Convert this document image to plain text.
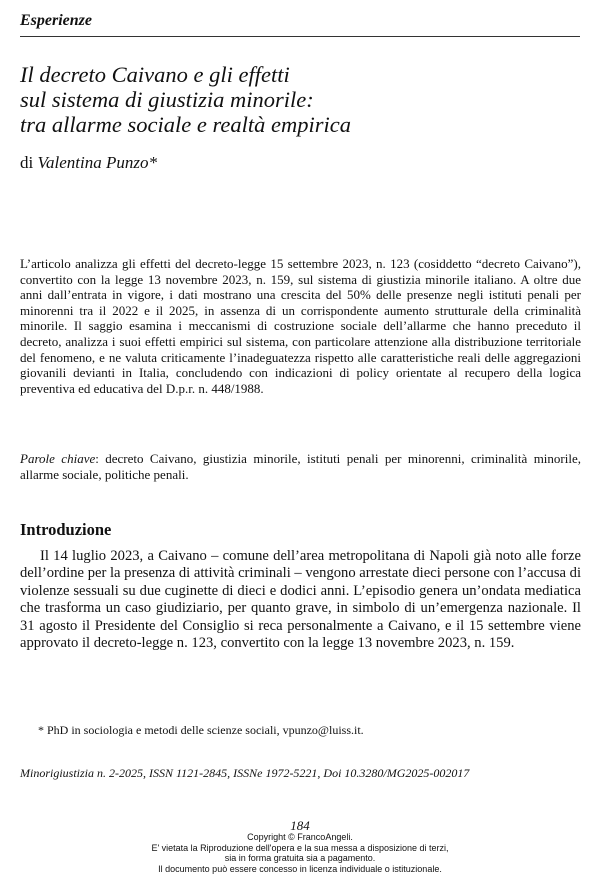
Esperienze
Il decreto Caivano e gli effetti
sul sistema di giustizia minorile:
tra allarme sociale e realtà empirica
di Valentina Punzo*

L’articolo analizza gli effetti del decreto-legge 15 settembre 2023, n. 123 (cosiddetto “decreto Caivano”), convertito con la legge 13 novembre 2023, n. 159, sul sistema di giustizia minorile italiano. A oltre due anni dall’entrata in vigore, i dati mostrano una crescita del 50% delle presenze negli istituti penali per minorenni tra il 2022 e il 2025, in assenza di un corrispondente aumento strutturale della criminalità minorile. Il saggio esamina i meccanismi di costruzione sociale dell’allarme che hanno preceduto il decreto, analizza i suoi effetti empirici sul sistema, con particolare attenzione alla distribuzione territoriale del fenomeno, e ne valuta criticamente l’inadeguatezza rispetto alle caratteristiche reali delle aggregazioni giovanili devianti in Italia, concludendo con indicazioni di policy orientate al recupero della logica preventiva ed educativa del D.p.r. n. 448/1988.

Parole chiave: decreto Caivano, giustizia minorile, istituti penali per minorenni, criminalità minorile, allarme sociale, politiche penali.

Introduzione

Il 14 luglio 2023, a Caivano – comune dell’area metropolitana di Napoli già noto alle forze dell’ordine per la presenza di attività criminali – vengono arrestate dieci persone con l’accusa di violenze sessuali su due cuginette di dieci e dodici anni. L’episodio genera un’ondata mediatica che trasforma un caso giudiziario, per quanto grave, in simbolo di un’emergenza nazionale. Il 31 agosto il Presidente del Consiglio si reca personalmente a Caivano, e il 15 settembre viene approvato il decreto-legge n. 123, convertito con la legge 13 novembre 2023, n. 159.

* PhD in sociologia e metodi delle scienze sociali, vpunzo@luiss.it.
Minorigiustizia n. 2-2025, ISSN 1121-2845, ISSNe 1972-5221, Doi 10.3280/MG2025-002017
184
Copyright © FrancoAngeli.
E' vietata la Riproduzione dell'opera e la sua messa a disposizione di terzi,
sia in forma gratuita sia a pagamento.
Il documento può essere concesso in licenza individuale o istituzionale.
